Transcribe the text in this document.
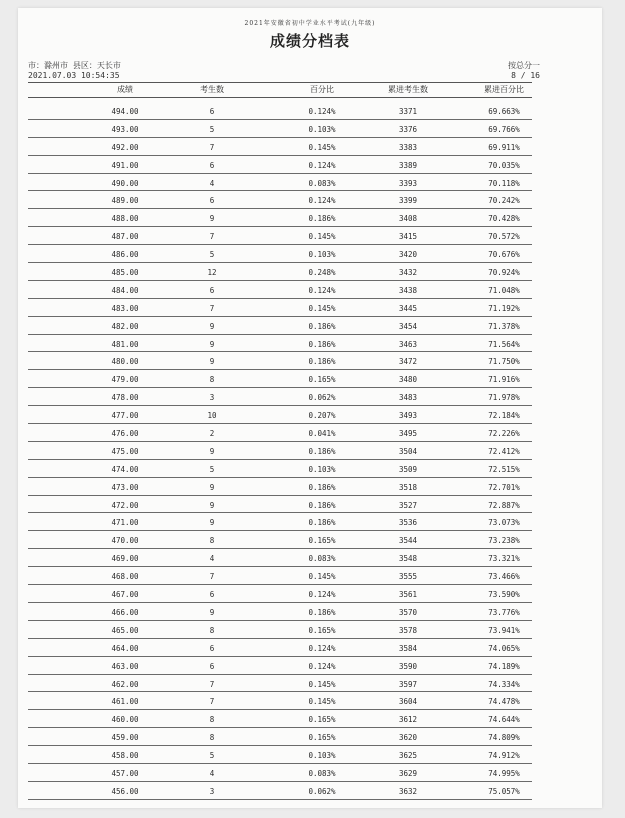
2021年安徽省初中学业水平考试(九年级)
成绩分档表
市：滁州市 县区：天长市
2021.07.03 10:54:35
按总分一
8 / 16
成绩	考生数	百分比	累进考生数	累进百分比
494.00	6	0.124%	3371	69.663%
493.00	5	0.103%	3376	69.766%
492.00	7	0.145%	3383	69.911%
491.00	6	0.124%	3389	70.035%
490.00	4	0.083%	3393	70.118%
489.00	6	0.124%	3399	70.242%
488.00	9	0.186%	3408	70.428%
487.00	7	0.145%	3415	70.572%
486.00	5	0.103%	3420	70.676%
485.00	12	0.248%	3432	70.924%
484.00	6	0.124%	3438	71.048%
483.00	7	0.145%	3445	71.192%
482.00	9	0.186%	3454	71.378%
481.00	9	0.186%	3463	71.564%
480.00	9	0.186%	3472	71.750%
479.00	8	0.165%	3480	71.916%
478.00	3	0.062%	3483	71.978%
477.00	10	0.207%	3493	72.184%
476.00	2	0.041%	3495	72.226%
475.00	9	0.186%	3504	72.412%
474.00	5	0.103%	3509	72.515%
473.00	9	0.186%	3518	72.701%
472.00	9	0.186%	3527	72.887%
471.00	9	0.186%	3536	73.073%
470.00	8	0.165%	3544	73.238%
469.00	4	0.083%	3548	73.321%
468.00	7	0.145%	3555	73.466%
467.00	6	0.124%	3561	73.590%
466.00	9	0.186%	3570	73.776%
465.00	8	0.165%	3578	73.941%
464.00	6	0.124%	3584	74.065%
463.00	6	0.124%	3590	74.189%
462.00	7	0.145%	3597	74.334%
461.00	7	0.145%	3604	74.478%
460.00	8	0.165%	3612	74.644%
459.00	8	0.165%	3620	74.809%
458.00	5	0.103%	3625	74.912%
457.00	4	0.083%	3629	74.995%
456.00	3	0.062%	3632	75.057%
